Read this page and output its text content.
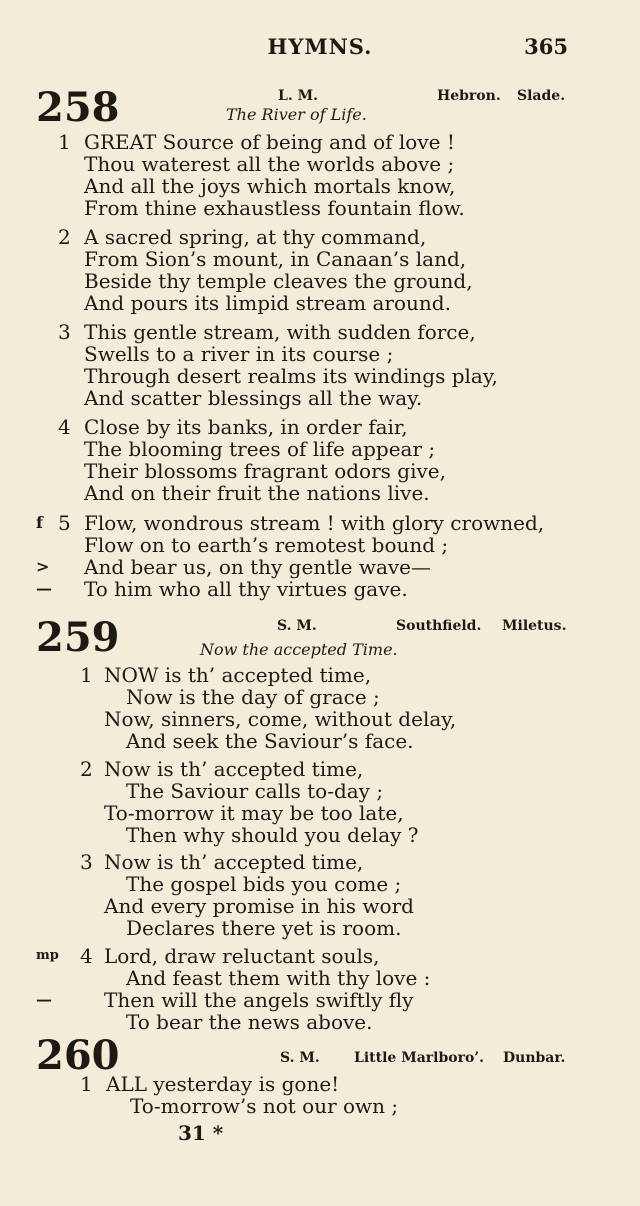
HYMNS.	365
258	L. M.	Hebron. Slade.
The River of Life.
1 GREAT Source of being and of love !
Thou waterest all the worlds above ;
And all the joys which mortals know,
From thine exhaustless fountain flow.
2 A sacred spring, at thy command,
From Sion’s mount, in Canaan’s land,
Beside thy temple cleaves the ground,
And pours its limpid stream around.
3 This gentle stream, with sudden force,
Swells to a river in its course ;
Through desert realms its windings play,
And scatter blessings all the way.
4 Close by its banks, in order fair,
The blooming trees of life appear ;
Their blossoms fragrant odors give,
And on their fruit the nations live.
f 5 Flow, wondrous stream ! with glory crowned,
Flow on to earth’s remotest bound ;
> And bear us, on thy gentle wave—
— To him who all thy virtues gave.
259	S. M.	Southfield. Miletus.
Now the accepted Time.
1 NOW is th’ accepted time,
Now is the day of grace ;
Now, sinners, come, without delay,
And seek the Saviour’s face.
2 Now is th’ accepted time,
The Saviour calls to-day ;
To-morrow it may be too late,
Then why should you delay ?
3 Now is th’ accepted time,
The gospel bids you come ;
And every promise in his word
Declares there yet is room.
mp 4 Lord, draw reluctant souls,
And feast them with thy love :
—	Then will the angels swiftly fly
To bear the news above.
260	S. M. Little Marlboro’. Dunbar.
1 ALL yesterday is gone!
To-morrow’s not our own ;
31 *
